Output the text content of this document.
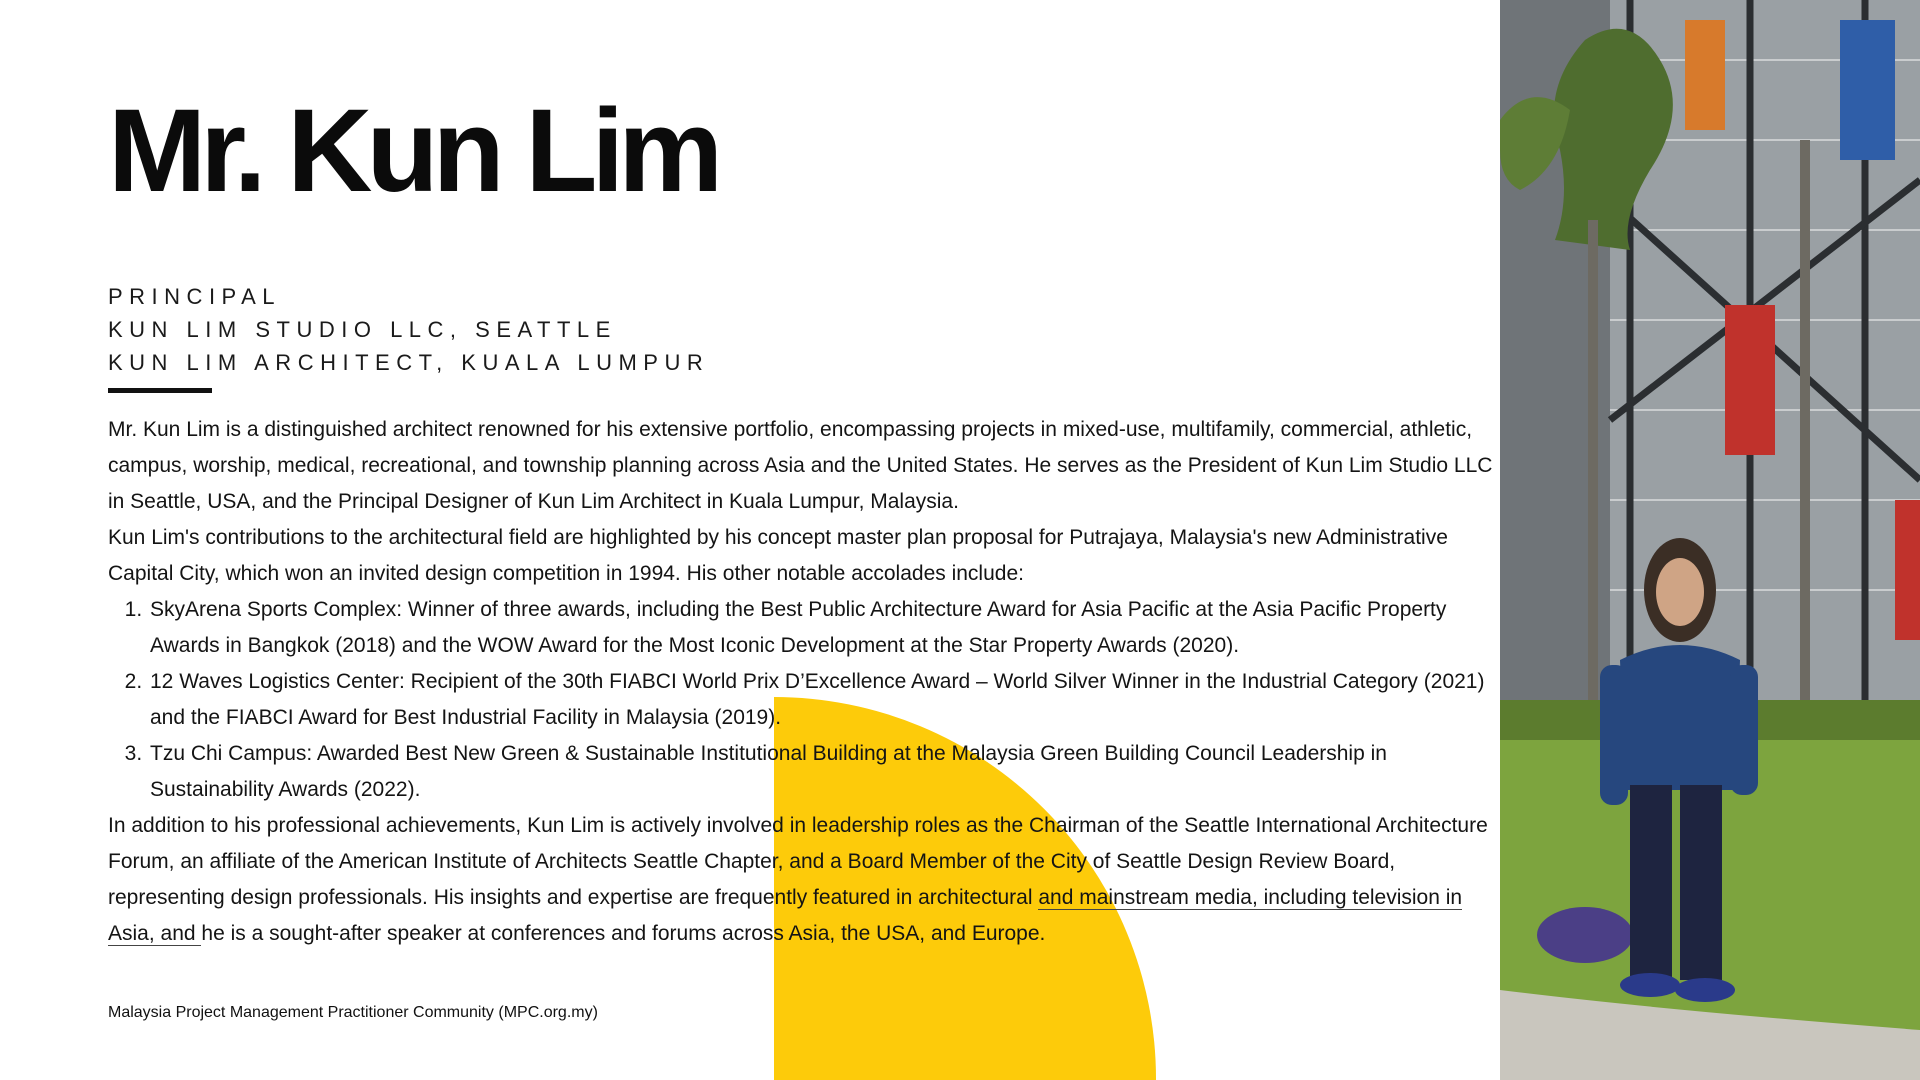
Mr. Kun Lim
PRINCIPAL
KUN LIM STUDIO LLC, SEATTLE
KUN LIM ARCHITECT, KUALA LUMPUR

Mr. Kun Lim is a distinguished architect renowned for his extensive portfolio, encompassing projects in mixed-use, multifamily, commercial, athletic, campus, worship, medical, recreational, and township planning across Asia and the United States. He serves as the President of Kun Lim Studio LLC in Seattle, USA, and the Principal Designer of Kun Lim Architect in Kuala Lumpur, Malaysia.

Kun Lim's contributions to the architectural field are highlighted by his concept master plan proposal for Putrajaya, Malaysia's new Administrative Capital City, which won an invited design competition in 1994. His other notable accolades include:

1. SkyArena Sports Complex: Winner of three awards, including the Best Public Architecture Award for Asia Pacific at the Asia Pacific Property Awards in Bangkok (2018) and the WOW Award for the Most Iconic Development at the Star Property Awards (2020).
2. 12 Waves Logistics Center: Recipient of the 30th FIABCI World Prix D’Excellence Award – World Silver Winner in the Industrial Category (2021) and the FIABCI Award for Best Industrial Facility in Malaysia (2019).
3. Tzu Chi Campus: Awarded Best New Green & Sustainable Institutional Building at the Malaysia Green Building Council Leadership in Sustainability Awards (2022).

In addition to his professional achievements, Kun Lim is actively involved in leadership roles as the Chairman of the Seattle International Architecture Forum, an affiliate of the American Institute of Architects Seattle Chapter, and a Board Member of the City of Seattle Design Review Board, representing design professionals. His insights and expertise are frequently featured in architectural and mainstream media, including television in Asia, and he is a sought-after speaker at conferences and forums across Asia, the USA, and Europe.

Malaysia Project Management Practitioner Community (MPC.org.my)
